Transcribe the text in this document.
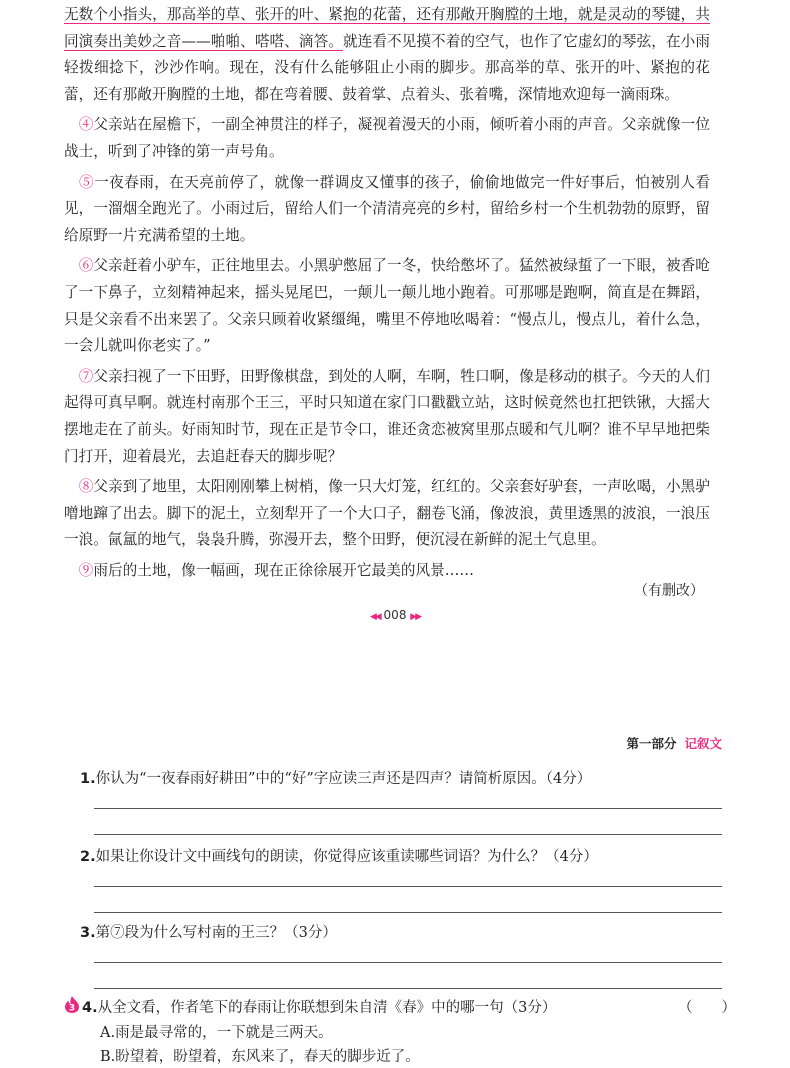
无数个小指头，那高举的草、张开的叶、紧抱的花蕾，还有那敞开胸膛的土地，就是灵动的琴键，共同演奏出美妙之音——啪啪、嗒嗒、滴答。就连看不见摸不着的空气，也作了它虚幻的琴弦，在小雨轻拨细捻下，沙沙作响。现在，没有什么能够阻止小雨的脚步。那高举的草、张开的叶、紧抱的花蕾，还有那敞开胸膛的土地，都在弯着腰、鼓着掌、点着头、张着嘴，深情地欢迎每一滴雨珠。

　④父亲站在屋檐下，一副全神贯注的样子，凝视着漫天的小雨，倾听着小雨的声音。父亲就像一位战士，听到了冲锋的第一声号角。

　⑤一夜春雨，在天亮前停了，就像一群调皮又懂事的孩子，偷偷地做完一件好事后，怕被别人看见，一溜烟全跑光了。小雨过后，留给人们一个清清亮亮的乡村，留给乡村一个生机勃勃的原野，留给原野一片充满希望的土地。

　⑥父亲赶着小驴车，正往地里去。小黑驴憋屈了一冬，快给憋坏了。猛然被绿蜇了一下眼，被香呛了一下鼻子，立刻精神起来，摇头晃尾巴，一颠儿一颠儿地小跑着。可那哪是跑啊，简直是在舞蹈，只是父亲看不出来罢了。父亲只顾着收紧缰绳，嘴里不停地吆喝着：“慢点儿，慢点儿，着什么急，一会儿就叫你老实了。”

　⑦父亲扫视了一下田野，田野像棋盘，到处的人啊，车啊，牲口啊，像是移动的棋子。今天的人们起得可真早啊。就连村南那个王三，平时只知道在家门口戳戳立站，这时候竟然也扛把铁锹，大摇大摆地走在了前头。好雨知时节，现在正是节令口，谁还贪恋被窝里那点暖和气儿啊？谁不早早地把柴门打开，迎着晨光，去追赶春天的脚步呢？

　⑧父亲到了地里，太阳刚刚攀上树梢，像一只大灯笼，红红的。父亲套好驴套，一声吆喝，小黑驴噌地蹿了出去。脚下的泥土，立刻犁开了一个大口子，翻卷飞涌，像波浪，黄里透黑的波浪，一浪压一浪。氤氲的地气，袅袅升腾，弥漫开去，整个田野，便沉浸在新鲜的泥土气息里。

　⑨雨后的土地，像一幅画，现在正徐徐展开它最美的风景……

（有删改）
◀◀ 008 ▶▶
第一部分 记叙文
1.你认为“一夜春雨好耕田”中的“好”字应读三声还是四声？请简析原因。（4分）
2.如果让你设计文中画线句的朗读，你觉得应该重读哪些词语？为什么？（4分）
3.第⑦段为什么写村南的王三？（3分）
3 4.从全文看，作者笔下的春雨让你联想到朱自清《春》中的哪一句（3分）	（　　）
A.雨是最寻常的，一下就是三两天。
B.盼望着，盼望着，东风来了，春天的脚步近了。
